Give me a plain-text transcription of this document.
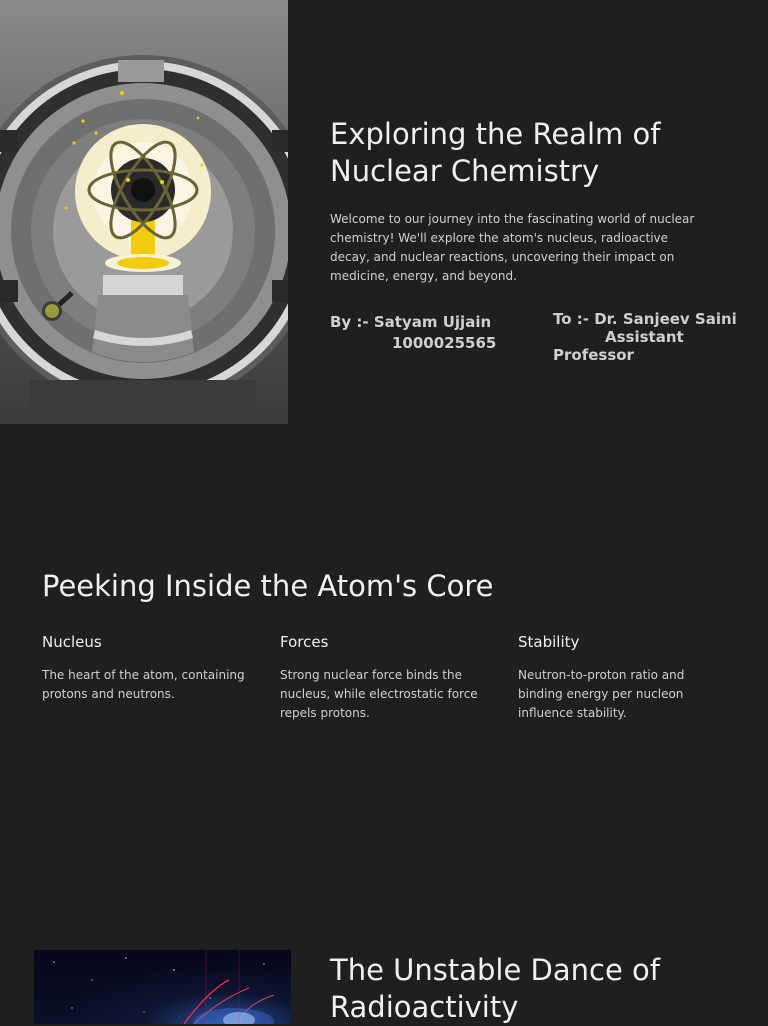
Exploring the Realm of Nuclear Chemistry

Welcome to our journey into the fascinating world of nuclear chemistry! We'll explore the atom's nucleus, radioactive decay, and nuclear reactions, uncovering their impact on medicine, energy, and beyond.

By :- Satyam Ujjain
1000025565
To :- Dr. Sanjeev Saini
Assistant
Professor
Peeking Inside the Atom's Core
Nucleus

The heart of the atom, containing protons and neutrons.

Forces

Strong nuclear force binds the nucleus, while electrostatic force repels protons.

Stability

Neutron-to-proton ratio and binding energy per nucleon influence stability.

The Unstable Dance of Radioactivity
